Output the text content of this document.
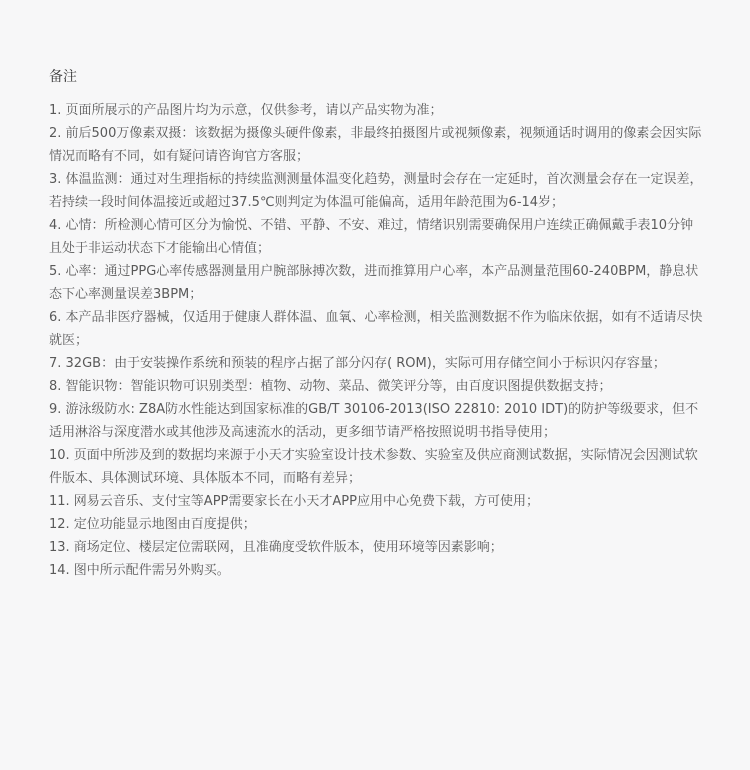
备注
1. 页面所展示的产品图片均为示意，仅供参考，请以产品实物为准；
2. 前后500万像素双摄：该数据为摄像头硬件像素，非最终拍摄图片或视频像素，视频通话时调用的像素会因实际情况而略有不同，如有疑问请咨询官方客服；
3. 体温监测：通过对生理指标的持续监测测量体温变化趋势，测量时会存在一定延时，首次测量会存在一定误差，若持续一段时间体温接近或超过37.5℃则判定为体温可能偏高，适用年龄范围为6-14岁；
4. 心情：所检测心情可区分为愉悦、不错、平静、不安、难过，情绪识别需要确保用户连续正确佩戴手表10分钟且处于非运动状态下才能输出心情值；
5. 心率：通过PPG心率传感器测量用户腕部脉搏次数，进而推算用户心率，本产品测量范围60-240BPM，静息状态下心率测量误差3BPM；
6. 本产品非医疗器械，仅适用于健康人群体温、血氧、心率检测，相关监测数据不作为临床依据，如有不适请尽快就医；
7. 32GB：由于安装操作系统和预装的程序占据了部分闪存( ROM)，实际可用存储空间小于标识闪存容量；
8. 智能识物：智能识物可识别类型：植物、动物、菜品、微笑评分等，由百度识图提供数据支持；
9. 游泳级防水: Z8A防水性能达到国家标准的GB/T 30106-2013(ISO 22810: 2010 IDT)的防护等级要求，但不适用淋浴与深度潜水或其他涉及高速流水的活动，更多细节请严格按照说明书指导使用；
10. 页面中所涉及到的数据均来源于小天才实验室设计技术参数、实验室及供应商测试数据，实际情况会因测试软件版本、具体测试环境、具体版本不同，而略有差异；
11. 网易云音乐、支付宝等APP需要家长在小天才APP应用中心免费下载，方可使用；
12. 定位功能显示地图由百度提供；
13. 商场定位、楼层定位需联网，且准确度受软件版本，使用环境等因素影响；
14. 图中所示配件需另外购买。
